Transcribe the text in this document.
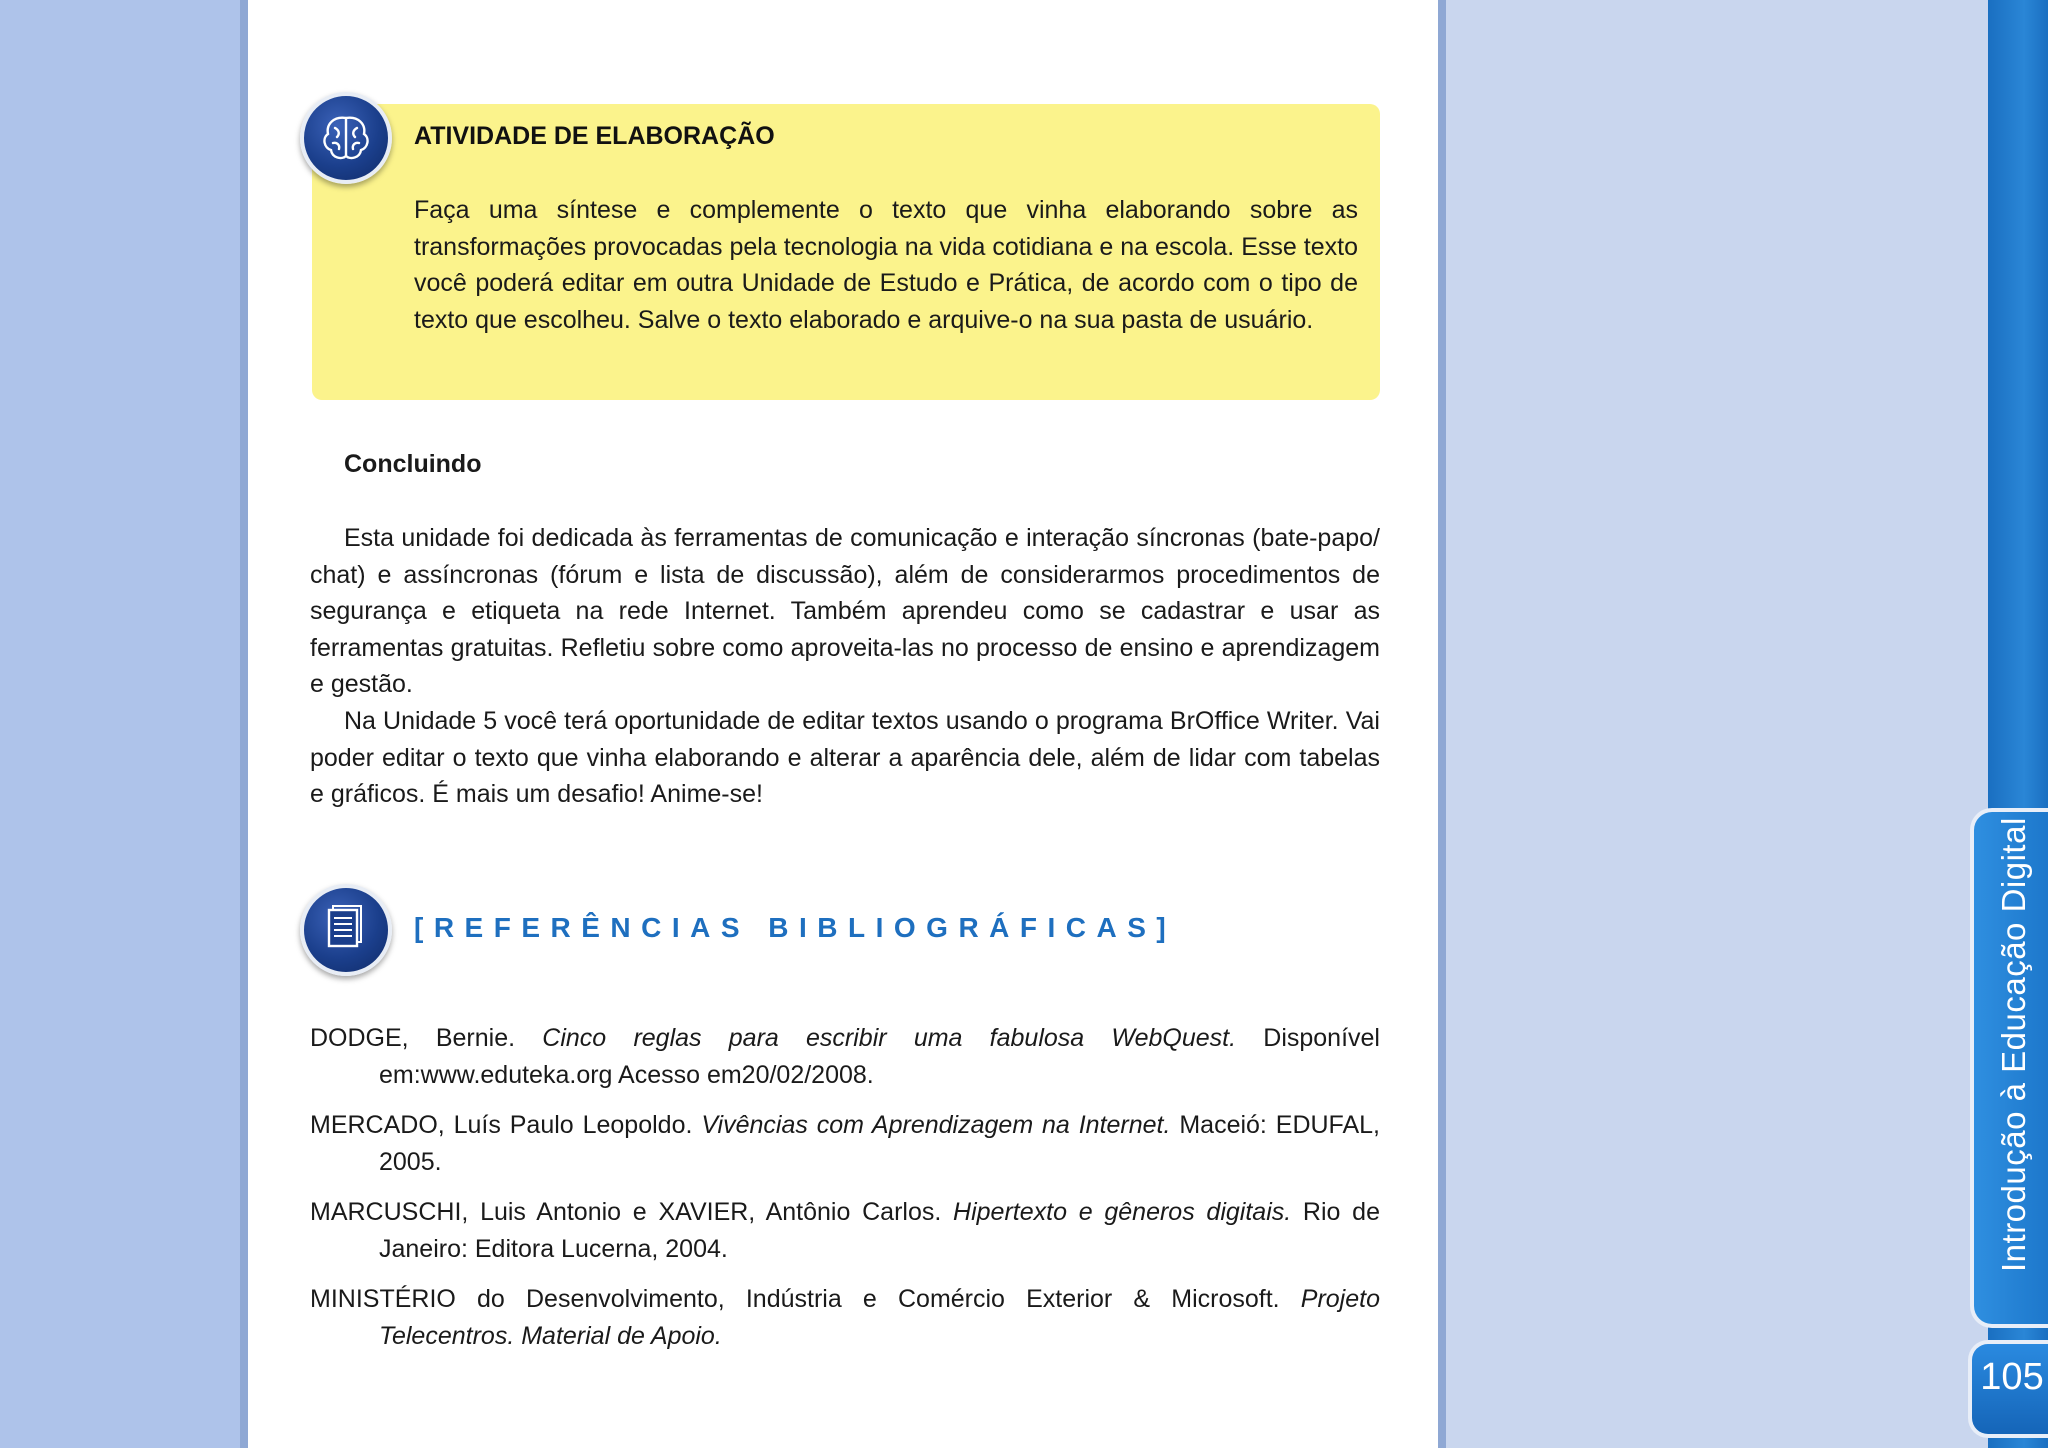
Introdução à Educação Digital
105
ATIVIDADE DE ELABORAÇÃO
Faça uma síntese e complemente o texto que vinha elaborando sobre as transformações provocadas pela tecnologia na vida cotidiana e na escola. Esse texto você poderá editar em outra Unidade de Estudo e Prática, de acordo com o tipo de texto que escolheu. Salve o texto elaborado e arquive-o na sua pasta de usuário.
Concluindo
Esta unidade foi dedicada às ferramentas de comunicação e interação síncronas (bate-papo/ chat) e assíncronas (fórum e lista de discussão), além de considerarmos procedimentos de segurança e etiqueta na rede Internet. Também aprendeu como se cadastrar e usar as ferramentas gratuitas. Refletiu sobre como aproveita-las no processo de ensino e aprendizagem e gestão.
Na Unidade 5 você terá oportunidade de editar textos usando o programa BrOffice Writer. Vai poder editar o texto que vinha elaborando e alterar a aparência dele, além de lidar com tabelas e gráficos. É mais um desafio! Anime-se!
[REFERÊNCIAS BIBLIOGRÁFICAS]
DODGE, Bernie. Cinco reglas para escribir uma fabulosa WebQuest. Disponível em:www.eduteka.org Acesso em20/02/2008.
MERCADO, Luís Paulo Leopoldo. Vivências com Aprendizagem na Internet. Maceió: EDUFAL, 2005.
MARCUSCHI, Luis Antonio e XAVIER, Antônio Carlos. Hipertexto e gêneros digitais. Rio de Janeiro: Editora Lucerna, 2004.
MINISTÉRIO do Desenvolvimento, Indústria e Comércio Exterior & Microsoft. Projeto Telecentros. Material de Apoio.
